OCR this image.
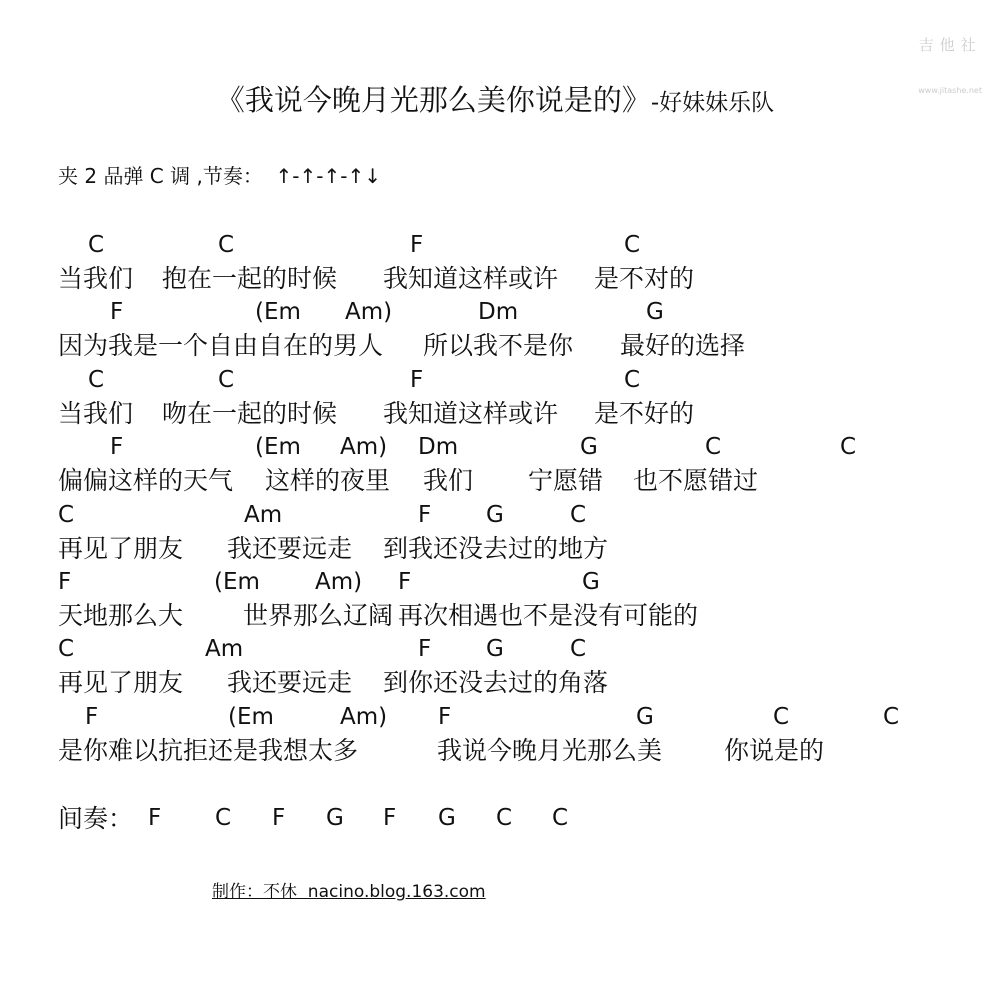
吉他社

www.jitashe.net

《我说今晚月光那么美你说是的》-好妹妹乐队
夹 2 品弹 C 调 ,节奏：  ↑-↑-↑-↑↓
C	C	F	C
当我们 抱在一起的时候 我知道这样或许 是不对的
F	(Em Am)	Dm	G
因为我是一个自由自在的男人 所以我不是你 最好的选择
C	C	F	C
当我们 吻在一起的时候 我知道这样或许 是不好的
F	(Em Am) Dm	G	C	C
偏偏这样的天气 这样的夜里 我们 宁愿错 也不愿错过
C	Am	F G	C
再见了朋友 我还要远走 到我还没去过的地方
F	(Em Am) F	G
天地那么大 世界那么辽阔 再次相遇也不是没有可能的
C	Am	F G	C
再见了朋友 我还要远走 到你还没去过的角落
F	(Em	Am) F	G	C	C
是你难以抗拒还是我想太多	我说今晚月光那么美 你说是的
间奏： F C F G F G C C
制作：不休  nacino.blog.163.com
